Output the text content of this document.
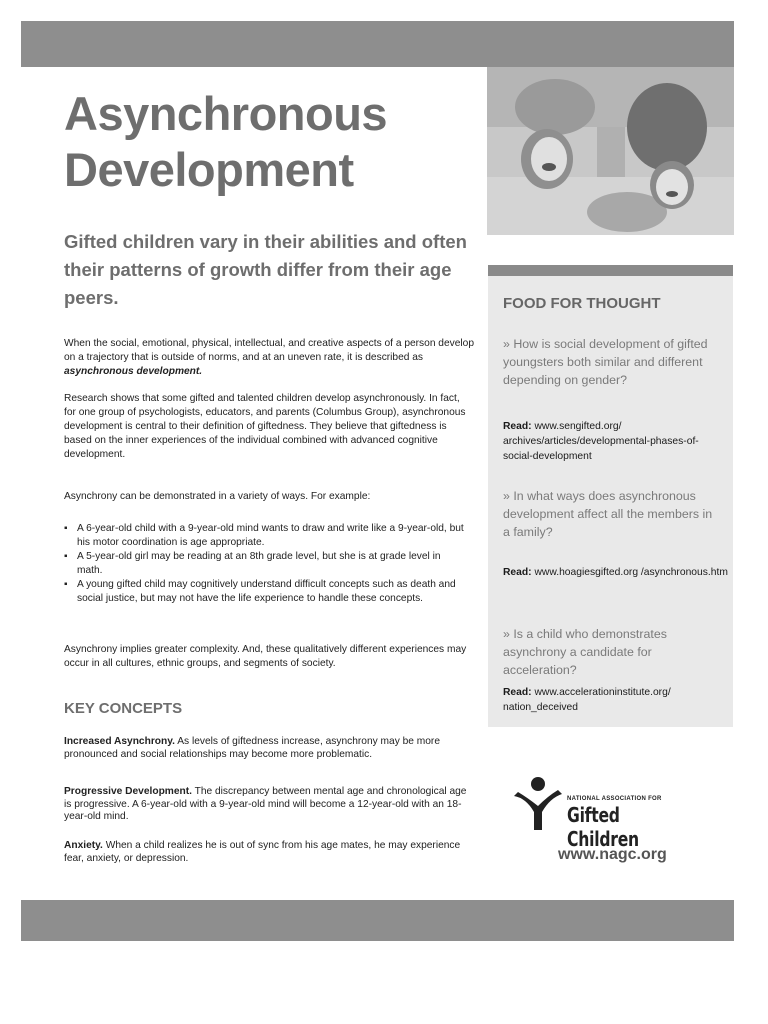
Asynchronous
Development

Gifted children vary in their abilities and often their patterns of growth differ from their age peers.

When the social, emotional, physical, intellectual, and creative aspects of a person develop on a trajectory that is outside of norms, and at an uneven rate, it is described as asynchronous development.

Research shows that some gifted and talented children develop asynchronously. In fact, for one group of psychologists, educators, and parents (Columbus Group), asynchronous development is central to their definition of giftedness. They believe that giftedness is based on the inner experiences of the individual combined with advanced cognitive development.

Asynchrony can be demonstrated in a variety of ways. For example:

▪ A 6-year-old child with a 9-year-old mind wants to draw and write like a 9-year-old, but his motor coordination is age appropriate.
▪ A 5-year-old girl may be reading at an 8th grade level, but she is at grade level in math.
▪ A young gifted child may cognitively understand difficult concepts such as death and social justice, but may not have the life experience to handle these concepts.

Asynchrony implies greater complexity. And, these qualitatively different experiences may occur in all cultures, ethnic groups, and segments of society.

KEY CONCEPTS

Increased Asynchrony. As levels of giftedness increase, asynchrony may be more pronounced and social relationships may become more problematic.

Progressive Development. The discrepancy between mental age and chronological age is progressive. A 6-year-old with a 9-year-old mind will become a 12-year-old with an 18-year-old mind.

Anxiety. When a child realizes he is out of sync from his age mates, he may experience fear, anxiety, or depression.

FOOD FOR THOUGHT

» How is social development of gifted youngsters both similar and different depending on gender?

Read: www.sengifted.org/ archives/articles/developmental-phases-of-social-development

» In what ways does asynchronous development affect all the members in a family?

Read: www.hoagiesgifted.org /asynchronous.htm

» Is a child who demonstrates asynchrony a candidate for acceleration?

Read: www.accelerationinstitute.org/ nation_deceived

NATIONAL ASSOCIATION FOR

Gifted Children

www.nagc.org
